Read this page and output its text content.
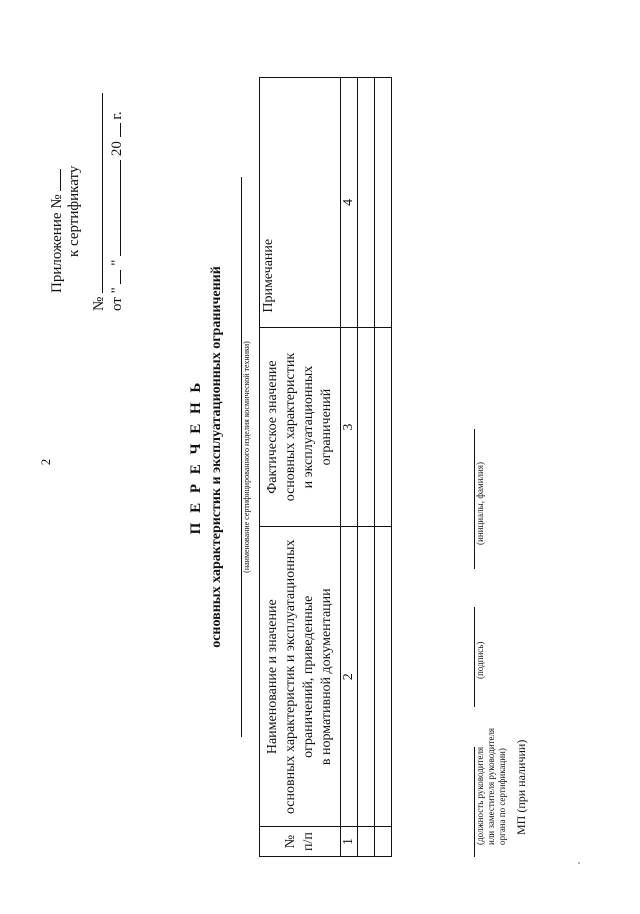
2
Приложение № к сертификату
№ от "  "  20  г.
П Е Р Е Ч Е Н Ь основных характеристик и эксплуатационных ограничений (наименование сертифицированного изделия космической техники)
№
п/п	Наименование и значение
основных характеристик и эксплуатационных
ограничений, приведенные
в нормативной документации	Фактическое значение
основных характеристик
и эксплуатационных
ограничений	Примечание
1	2	3	4

(должность руководителя
или заместителя руководителя
органа по сертификации)
(подпись)
(инициалы, фамилия)
МП (при наличии)
